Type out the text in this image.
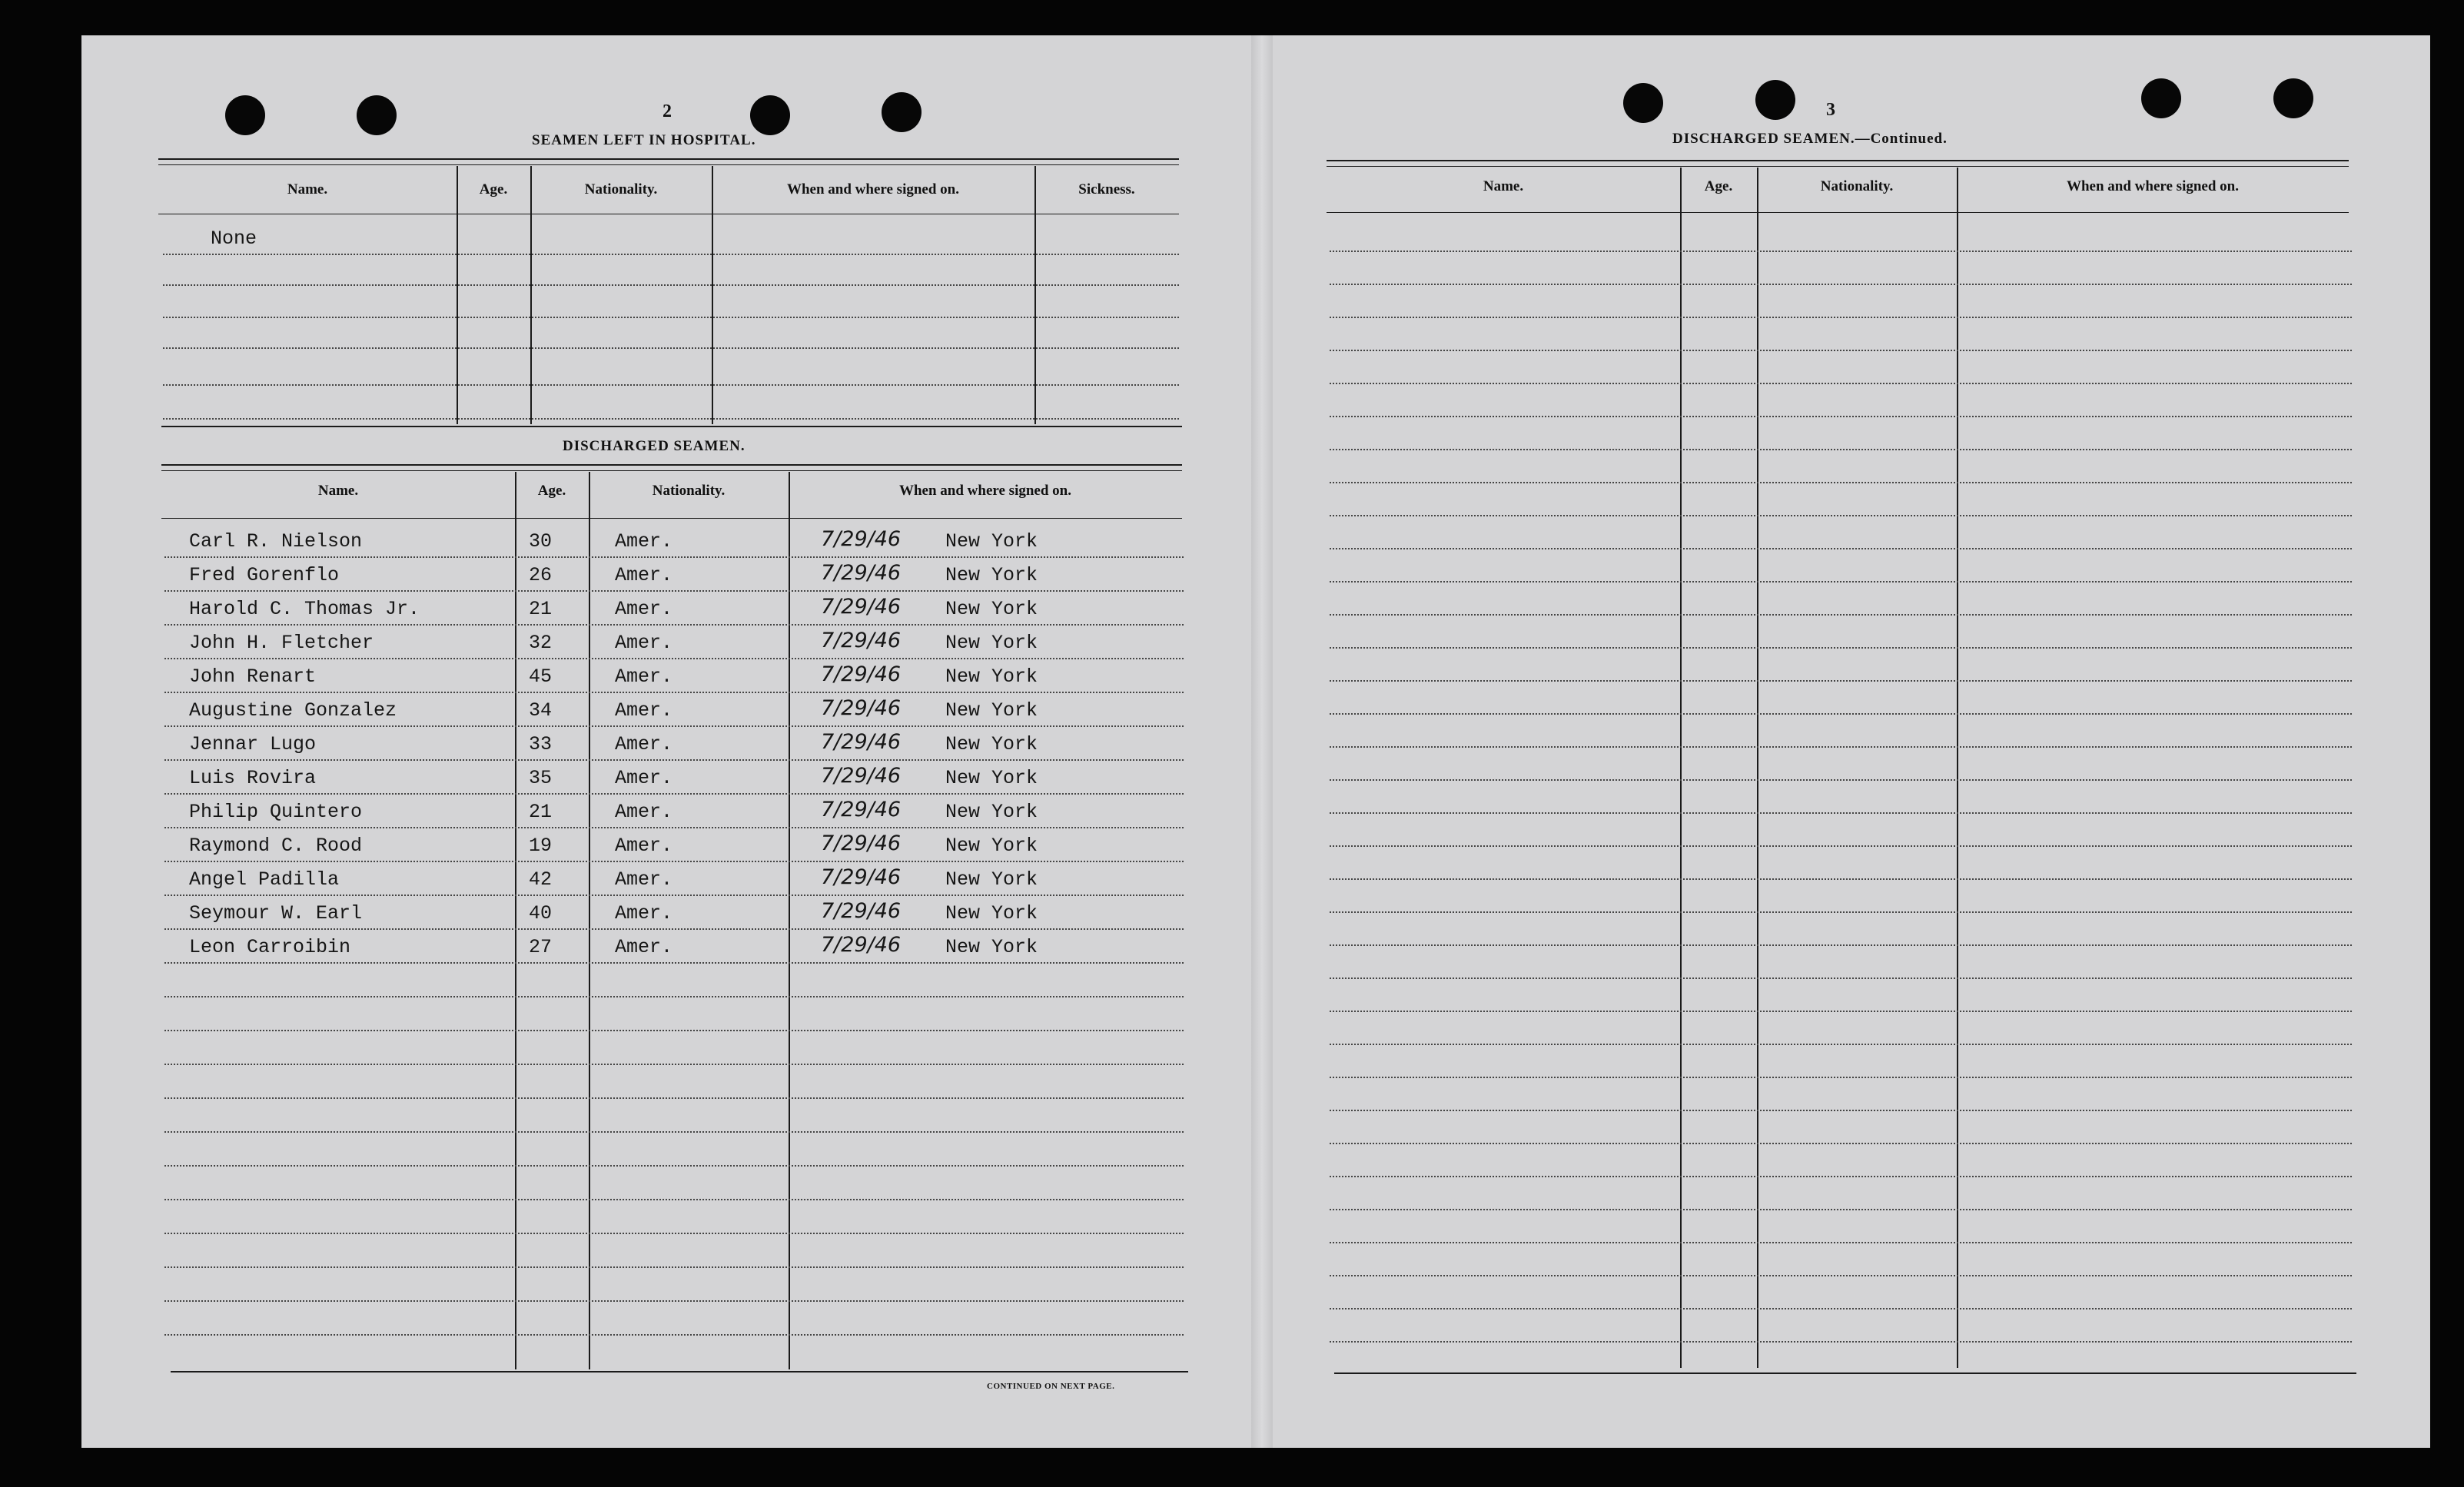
2
SEAMEN LEFT IN HOSPITAL.
Name.	Age.	Nationality.	When and where signed on.	Sickness.
None
DISCHARGED SEAMEN.
Name.	Age.	Nationality.	When and where signed on.
Carl R. Nielson	30	Amer.	7/29/46 New York
Fred Gorenflo	26	Amer.	7/29/46 New York
Harold C. Thomas Jr.	21	Amer.	7/29/46 New York
John H. Fletcher	32	Amer.	7/29/46 New York
John Renart	45	Amer.	7/29/46 New York
Augustine Gonzalez	34	Amer.	7/29/46 New York
Jennar Lugo	33	Amer.	7/29/46 New York
Luis Rovira	35	Amer.	7/29/46 New York
Philip Quintero	21	Amer.	7/29/46 New York
Raymond C. Rood	19	Amer.	7/29/46 New York
Angel Padilla	42	Amer.	7/29/46 New York
Seymour W. Earl	40	Amer.	7/29/46 New York
Leon Carroibin	27	Amer.	7/29/46 New York
CONTINUED ON NEXT PAGE.
3
DISCHARGED SEAMEN.—Continued.
Name.	Age.	Nationality.	When and where signed on.
